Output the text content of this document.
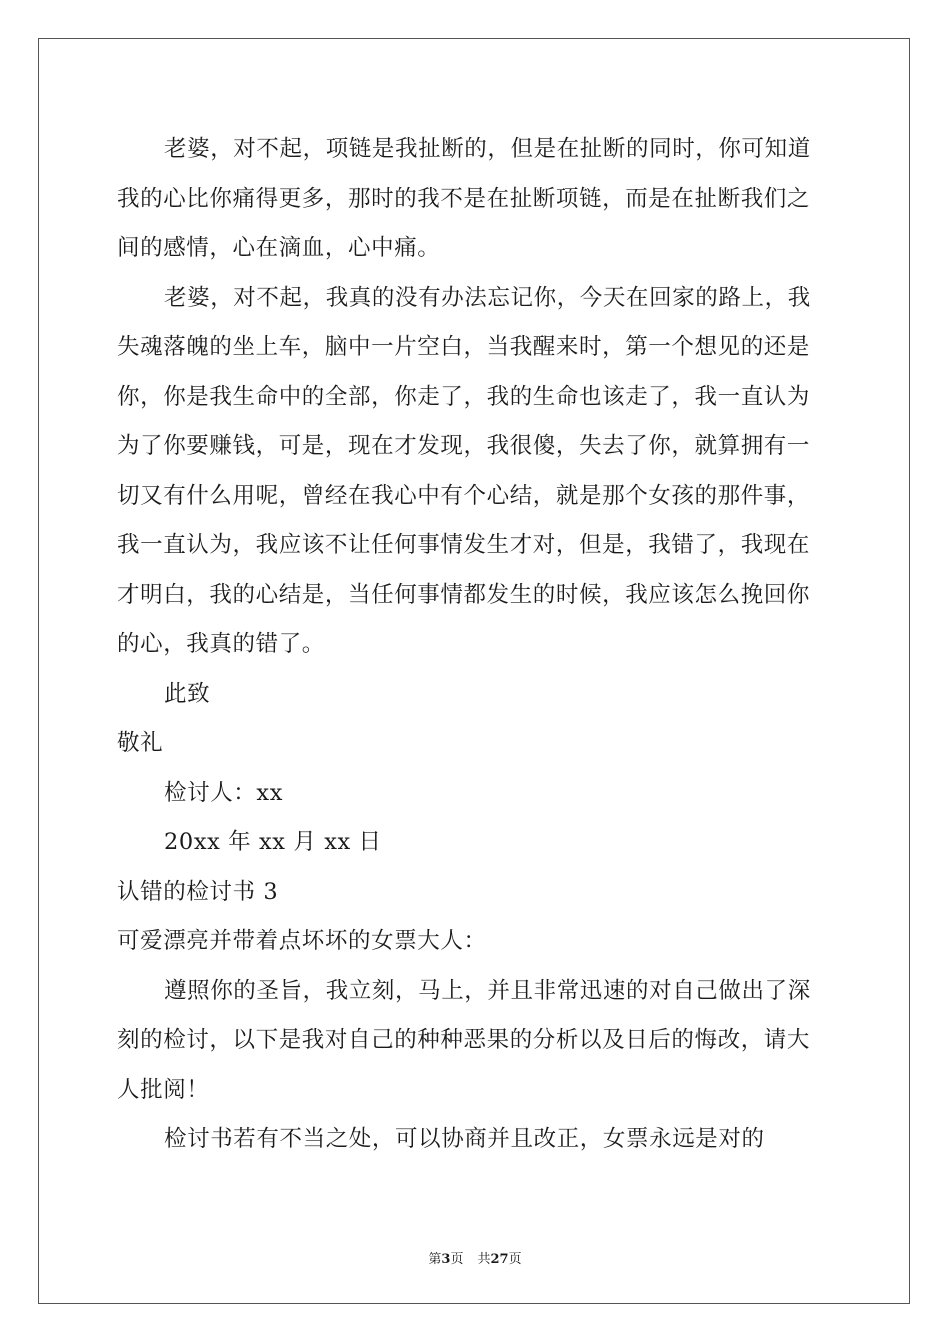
老婆，对不起，项链是我扯断的，但是在扯断的同时，你可知道
我的心比你痛得更多，那时的我不是在扯断项链，而是在扯断我们之
间的感情，心在滴血，心中痛。
老婆，对不起，我真的没有办法忘记你，今天在回家的路上，我
失魂落魄的坐上车，脑中一片空白，当我醒来时，第一个想见的还是
你，你是我生命中的全部，你走了，我的生命也该走了，我一直认为
为了你要赚钱，可是，现在才发现，我很傻，失去了你，就算拥有一
切又有什么用呢，曾经在我心中有个心结，就是那个女孩的那件事，
我一直认为，我应该不让任何事情发生才对，但是，我错了，我现在
才明白，我的心结是，当任何事情都发生的时候，我应该怎么挽回你
的心，我真的错了。
此致
敬礼
检讨人：xx
20xx 年 xx 月 xx 日
认错的检讨书 3
可爱漂亮并带着点坏坏的女票大人：
遵照你的圣旨，我立刻，马上，并且非常迅速的对自己做出了深
刻的检讨，以下是我对自己的种种恶果的分析以及日后的悔改，请大
人批阅！
检讨书若有不当之处，可以协商并且改正，女票永远是对的
第3页 共27页
